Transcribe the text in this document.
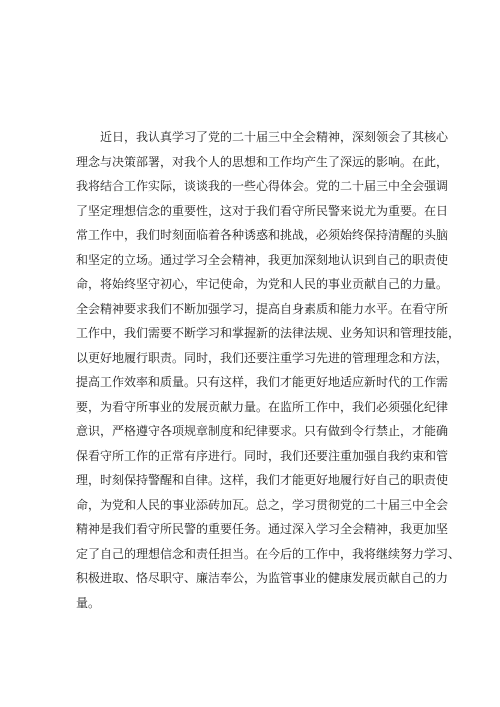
近日，我认真学习了党的二十届三中全会精神，深刻领会了其核心
理念与决策部署，对我个人的思想和工作均产生了深远的影响。在此，
我将结合工作实际，谈谈我的一些心得体会。党的二十届三中全会强调
了坚定理想信念的重要性，这对于我们看守所民警来说尤为重要。在日
常工作中，我们时刻面临着各种诱惑和挑战，必须始终保持清醒的头脑
和坚定的立场。通过学习全会精神，我更加深刻地认识到自己的职责使
命，将始终坚守初心，牢记使命，为党和人民的事业贡献自己的力量。
全会精神要求我们不断加强学习，提高自身素质和能力水平。在看守所
工作中，我们需要不断学习和掌握新的法律法规、业务知识和管理技能，
以更好地履行职责。同时，我们还要注重学习先进的管理理念和方法，
提高工作效率和质量。只有这样，我们才能更好地适应新时代的工作需
要，为看守所事业的发展贡献力量。在监所工作中，我们必须强化纪律
意识，严格遵守各项规章制度和纪律要求。只有做到令行禁止，才能确
保看守所工作的正常有序进行。同时，我们还要注重加强自我约束和管
理，时刻保持警醒和自律。这样，我们才能更好地履行好自己的职责使
命，为党和人民的事业添砖加瓦。总之，学习贯彻党的二十届三中全会
精神是我们看守所民警的重要任务。通过深入学习全会精神，我更加坚
定了自己的理想信念和责任担当。在今后的工作中，我将继续努力学习、
积极进取、恪尽职守、廉洁奉公，为监管事业的健康发展贡献自己的力
量。
